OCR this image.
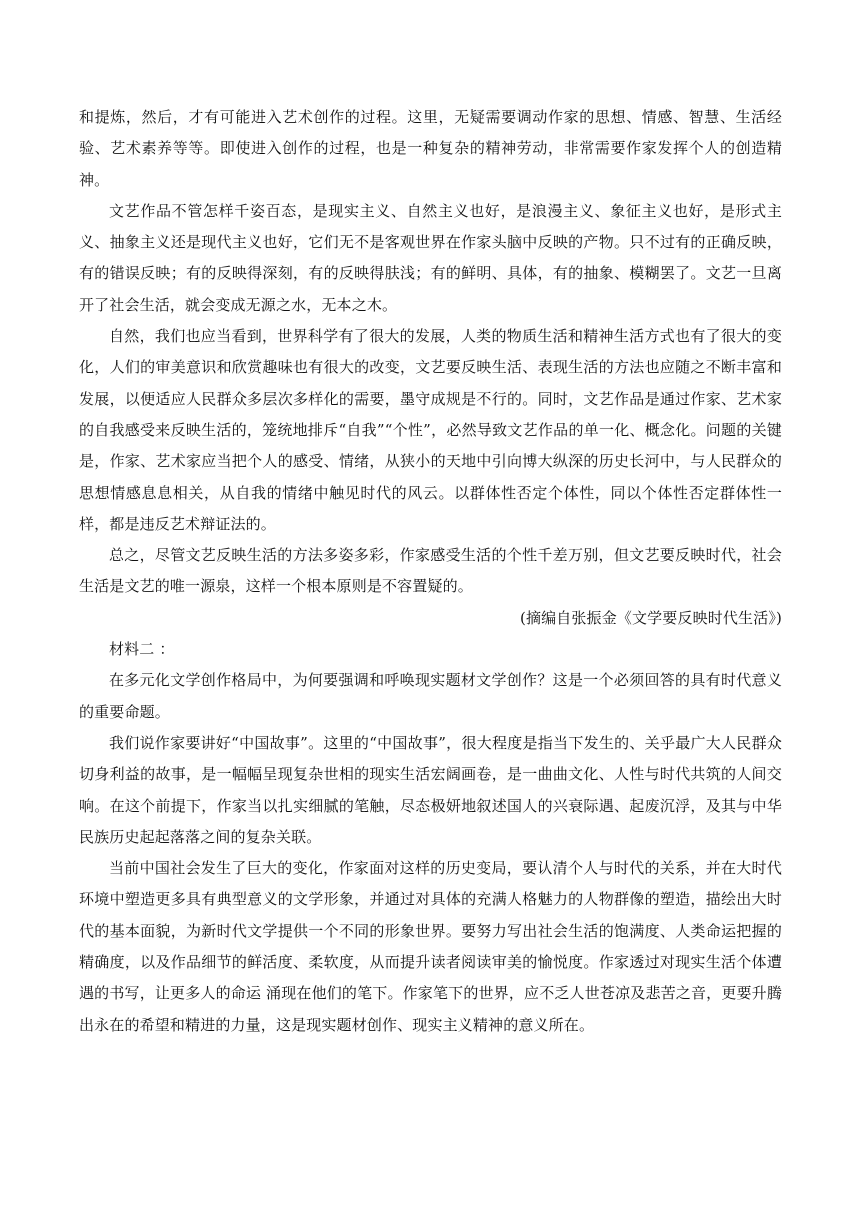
和提炼，然后，才有可能进入艺术创作的过程。这里，无疑需要调动作家的思想、情感、智慧、生活经验、艺术素养等等。即使进入创作的过程，也是一种复杂的精神劳动，非常需要作家发挥个人的创造精神。

文艺作品不管怎样千姿百态，是现实主义、自然主义也好，是浪漫主义、象征主义也好，是形式主义、抽象主义还是现代主义也好，它们无不是客观世界在作家头脑中反映的产物。只不过有的正确反映，有的错误反映；有的反映得深刻，有的反映得肤浅；有的鲜明、具体，有的抽象、模糊罢了。文艺一旦离开了社会生活，就会变成无源之水，无本之木。

自然，我们也应当看到，世界科学有了很大的发展，人类的物质生活和精神生活方式也有了很大的变化，人们的审美意识和欣赏趣味也有很大的改变，文艺要反映生活、表现生活的方法也应随之不断丰富和发展，以便适应人民群众多层次多样化的需要，墨守成规是不行的。同时，文艺作品是通过作家、艺术家的自我感受来反映生活的，笼统地排斥“自我”“个性”，必然导致文艺作品的单一化、概念化。问题的关键是，作家、艺术家应当把个人的感受、情绪，从狭小的天地中引向博大纵深的历史长河中，与人民群众的思想情感息息相关，从自我的情绪中触见时代的风云。以群体性否定个体性，同以个体性否定群体性一样，都是违反艺术辩证法的。

总之，尽管文艺反映生活的方法多姿多彩，作家感受生活的个性千差万别，但文艺要反映时代，社会生活是文艺的唯一源泉，这样一个根本原则是不容置疑的。

(摘编自张振金《文学要反映时代生活》)

材料二 ：

在多元化文学创作格局中，为何要强调和呼唤现实题材文学创作？这是一个必须回答的具有时代意义的重要命题。

我们说作家要讲好“中国故事”。这里的“中国故事”，很大程度是指当下发生的、关乎最广大人民群众切身利益的故事，是一幅幅呈现复杂世相的现实生活宏阔画卷，是一曲曲文化、人性与时代共筑的人间交响。在这个前提下，作家当以扎实细腻的笔触，尽态极妍地叙述国人的兴衰际遇、起废沉浮，及其与中华民族历史起起落落之间的复杂关联。

当前中国社会发生了巨大的变化，作家面对这样的历史变局，要认清个人与时代的关系，并在大时代环境中塑造更多具有典型意义的文学形象，并通过对具体的充满人格魅力的人物群像的塑造，描绘出大时代的基本面貌，为新时代文学提供一个不同的形象世界。要努力写出社会生活的饱满度、人类命运把握的精确度，以及作品细节的鲜活度、柔软度，从而提升读者阅读审美的愉悦度。作家透过对现实生活个体遭遇的书写，让更多人的命运 涌现在他们的笔下。作家笔下的世界，应不乏人世苍凉及悲苦之音，更要升腾出永在的希望和精进的力量，这是现实题材创作、现实主义精神的意义所在。
